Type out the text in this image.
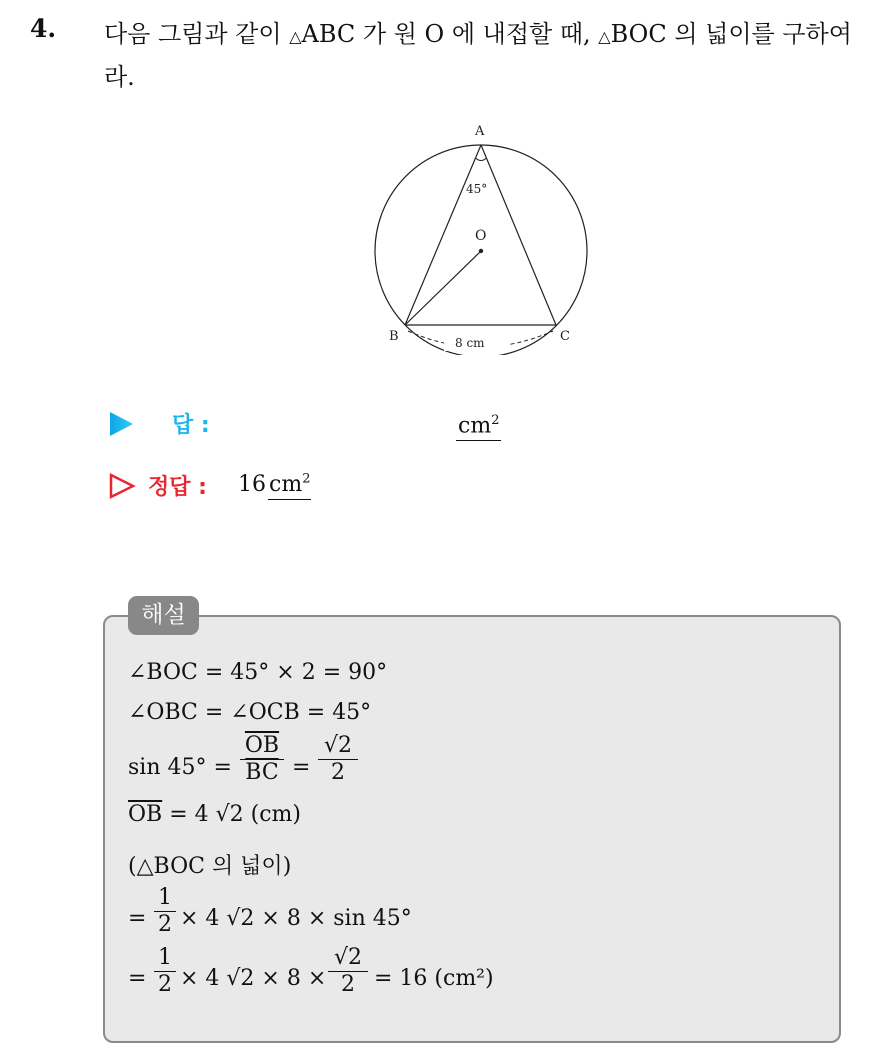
4. 다음 그림과 같이 △ABC 가 원 O 에 내접할 때, △BOC 의 넓이를 구하여라.
A
O
B	C
45°
8 cm
답 :	$cm^2$
정답 : 16 $cm^2$
해설
∠BOC = 45° × 2 = 90°
∠OBC = ∠OCB = 45°
$\sin 45^\circ = \frac{\overline{OB}}{BC}$ =
√2
2
$\overline{OB} = 4$ √2 (cm)
(△BOC 의 넓이)
=
1
2 × 4 √2 × 8 × sin 45°
=
1
2 × 4 √2 × 8 ×
√2
2 = 16 (cm²)
